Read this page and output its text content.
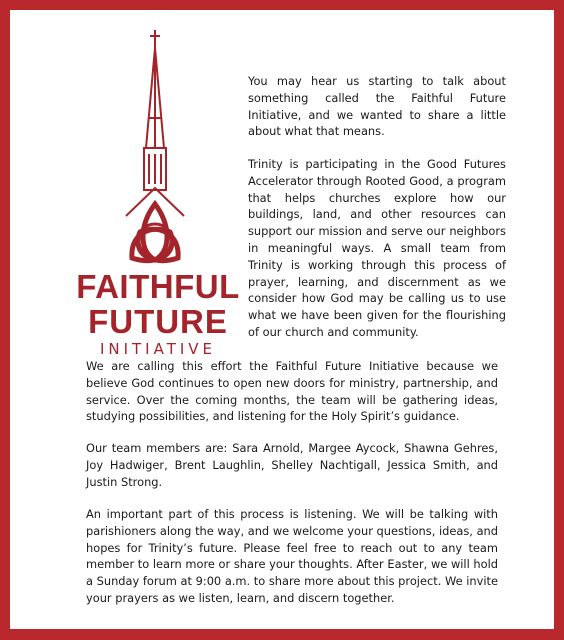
FAITHFUL
FUTURE
INITIATIVE

You may hear us starting to talk about something called the Faithful Future Initiative, and we wanted to share a little about what that means.

Trinity is participating in the Good Futures Accelerator through Rooted Good, a program that helps churches explore how our buildings, land, and other resources can support our mission and serve our neighbors in meaningful ways. A small team from Trinity is working through this process of prayer, learning, and discernment as we consider how God may be calling us to use what we have been given for the flourishing of our church and community.

We are calling this effort the Faithful Future Initiative because we believe God continues to open new doors for ministry, partnership, and service. Over the coming months, the team will be gathering ideas, studying possibilities, and listening for the Holy Spirit’s guidance.

Our team members are: Sara Arnold, Margee Aycock, Shawna Gehres, Joy Hadwiger, Brent Laughlin, Shelley Nachtigall, Jessica Smith, and Justin Strong.

An important part of this process is listening. We will be talking with parishioners along the way, and we welcome your questions, ideas, and hopes for Trinity’s future. Please feel free to reach out to any team member to learn more or share your thoughts. After Easter, we will hold a Sunday forum at 9:00 a.m. to share more about this project. We invite your prayers as we listen, learn, and discern together.
